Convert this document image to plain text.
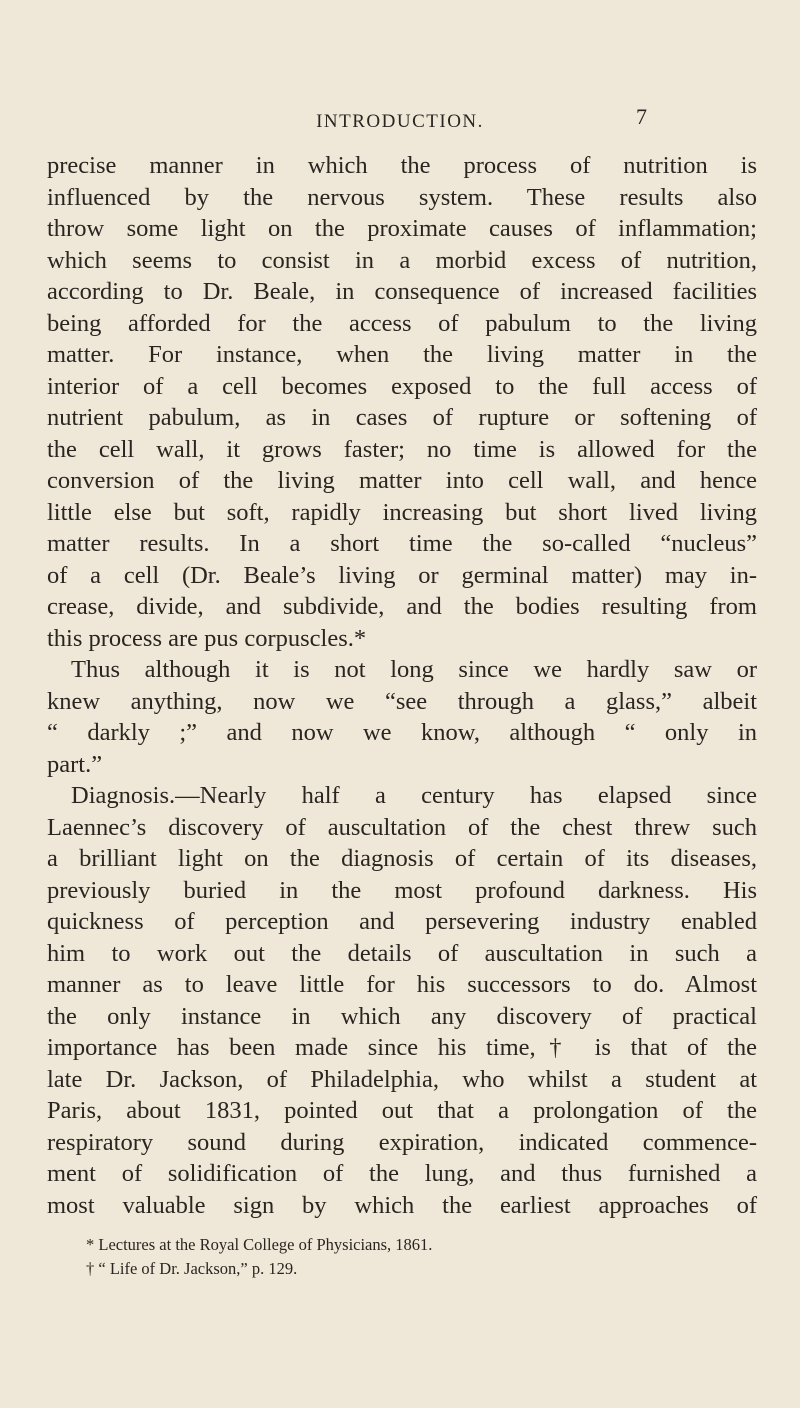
INTRODUCTION.	7
precise manner in which the process of nutrition is
influenced by the nervous system. These results also
throw some light on the proximate causes of inflammation;
which seems to consist in a morbid excess of nutrition,
according to Dr. Beale, in consequence of increased facilities
being afforded for the access of pabulum to the living
matter. For instance, when the living matter in the
interior of a cell becomes exposed to the full access of
nutrient pabulum, as in cases of rupture or softening of
the cell wall, it grows faster; no time is allowed for the
conversion of the living matter into cell wall, and hence
little else but soft, rapidly increasing but short lived living
matter results. In a short time the so-called “nucleus”
of a cell (Dr. Beale’s living or germinal matter) may in-
crease, divide, and subdivide, and the bodies resulting from
this process are pus corpuscles.*
Thus although it is not long since we hardly saw or
knew anything, now we “see through a glass,” albeit
“ darkly ;” and now we know, although “ only in
part.”
Diagnosis.—Nearly half a century has elapsed since
Laennec’s discovery of auscultation of the chest threw such
a brilliant light on the diagnosis of certain of its diseases,
previously buried in the most profound darkness. His
quickness of perception and persevering industry enabled
him to work out the details of auscultation in such a
manner as to leave little for his successors to do. Almost
the only instance in which any discovery of practical
importance has been made since his time,† is that of the
late Dr. Jackson, of Philadelphia, who whilst a student at
Paris, about 1831, pointed out that a prolongation of the
respiratory sound during expiration, indicated commence-
ment of solidification of the lung, and thus furnished a
most valuable sign by which the earliest approaches of
* Lectures at the Royal College of Physicians, 1861.
† “ Life of Dr. Jackson,” p. 129.
